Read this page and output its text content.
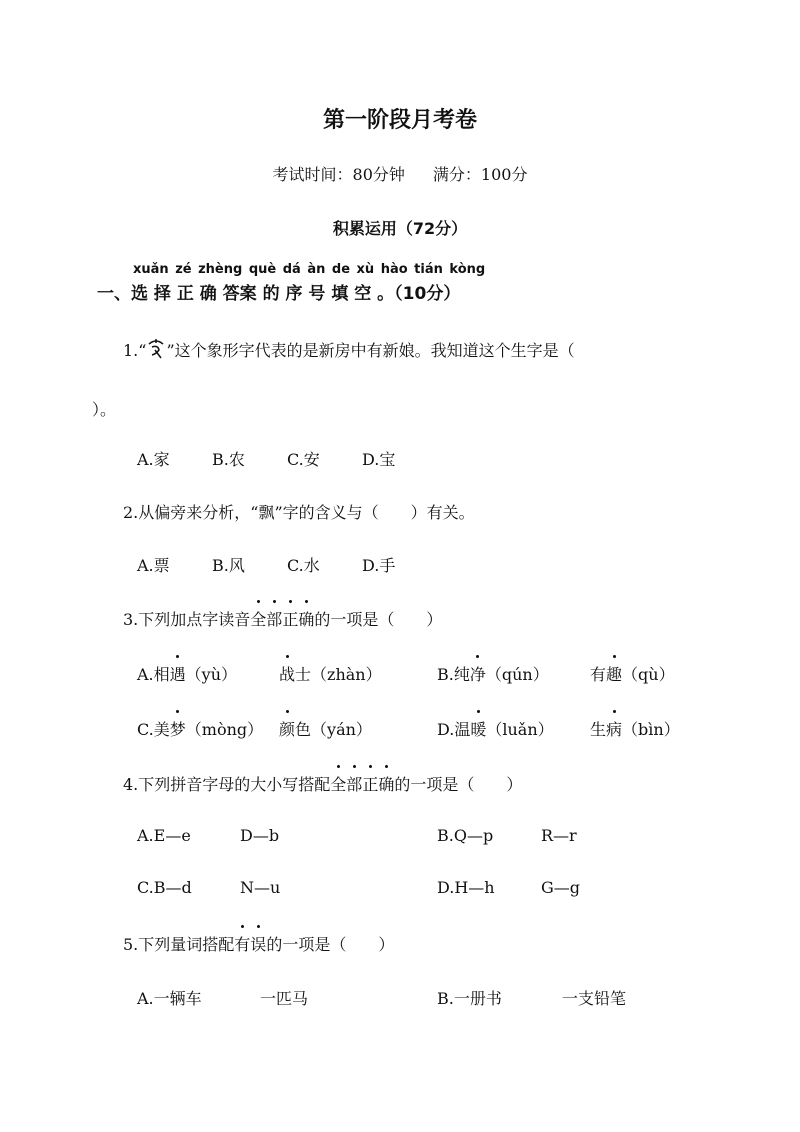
第一阶段月考卷
考试时间：80分钟 满分：100分
积累运用（72分）
xuǎn zé zhèng què dá àn de xù hào tián kòng
一、选 择 正 确 答案 的 序 号 填 空 。（10分）
1.“ ”这个象形字代表的是新房中有新娘。我知道这个生字是（
）。
A.家	B.农	C.安	D.宝
2.从偏旁来分析，“飘”字的含义与（　　）有关。
A.票	B.风	C.水	D.手
3.下列加点字读音全部正确的一项是（　　）
A.相遇（yù）	战士（zhàn）	B.纯净（qún）	有趣（qù）
C.美梦（mòng） 颜色（yán）	D.温暖（luǎn） 生病（bìn）
4.下列拼音字母的大小写搭配全部正确的一项是（　　）
A.E—e	D—b	B.Q—p	R—r
C.B—d	N—u	D.H—h	G—g
5.下列量词搭配有误的一项是（　　）
A.一辆车	一匹马	B.一册书	一支铅笔
